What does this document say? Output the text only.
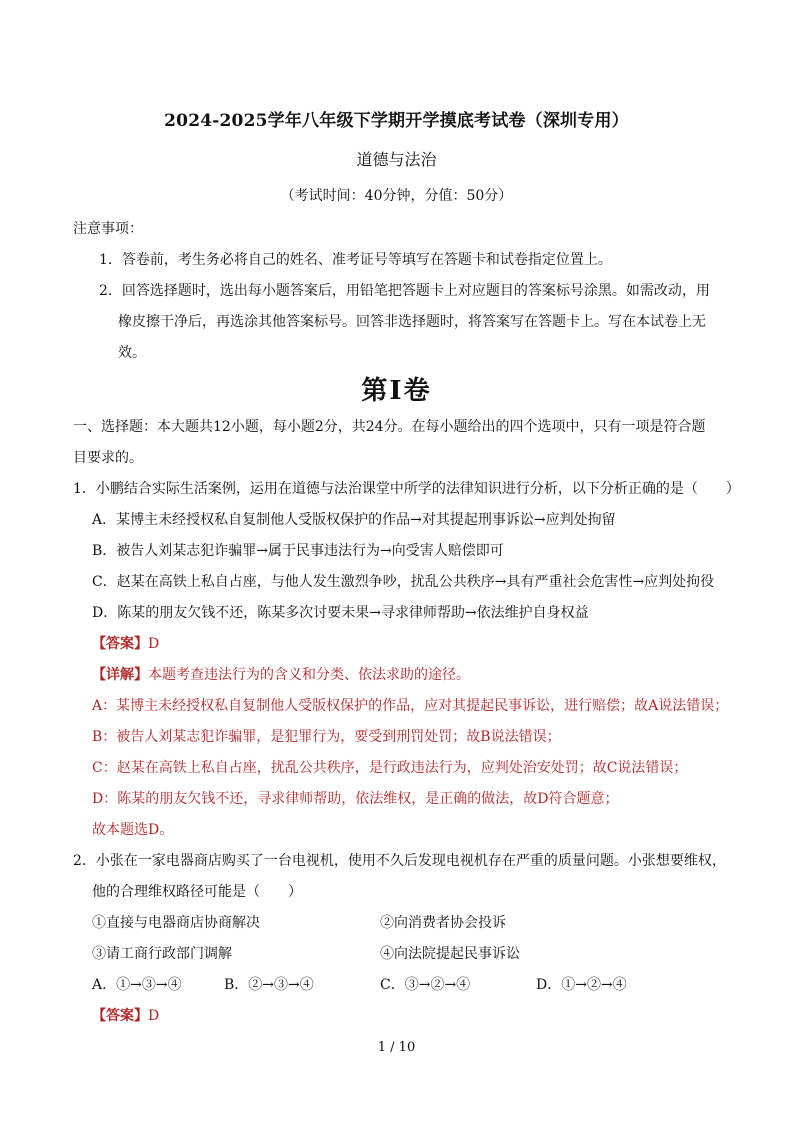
2024-2025学年八年级下学期开学摸底考试卷（深圳专用）
道德与法治
（考试时间：40分钟，分值：50分）
注意事项：
1．答卷前，考生务必将自己的姓名、准考证号等填写在答题卡和试卷指定位置上。
2．回答选择题时，选出每小题答案后，用铅笔把答题卡上对应题目的答案标号涂黑。如需改动，用
橡皮擦干净后，再选涂其他答案标号。回答非选择题时，将答案写在答题卡上。写在本试卷上无
效。
第Ⅰ卷
一、选择题：本大题共12小题，每小题2分，共24分。在每小题给出的四个选项中，只有一项是符合题
目要求的。
1．小鹏结合实际生活案例，运用在道德与法治课堂中所学的法律知识进行分析，以下分析正确的是（　　）
A．某博主未经授权私自复制他人受版权保护的作品→对其提起刑事诉讼→应判处拘留
B．被告人刘某志犯诈骗罪→属于民事违法行为→向受害人赔偿即可
C．赵某在高铁上私自占座，与他人发生激烈争吵，扰乱公共秩序→具有严重社会危害性→应判处拘役
D．陈某的朋友欠钱不还，陈某多次讨要未果→寻求律师帮助→依法维护自身权益
【答案】D
【详解】本题考查违法行为的含义和分类、依法求助的途径。
A：某博主未经授权私自复制他人受版权保护的作品，应对其提起民事诉讼，进行赔偿；故A说法错误；
B：被告人刘某志犯诈骗罪，是犯罪行为，要受到刑罚处罚；故B说法错误；
C：赵某在高铁上私自占座，扰乱公共秩序，是行政违法行为，应判处治安处罚；故C说法错误；
D：陈某的朋友欠钱不还，寻求律师帮助，依法维权，是正确的做法，故D符合题意；
故本题选D。
2．小张在一家电器商店购买了一台电视机，使用不久后发现电视机存在严重的质量问题。小张想要维权，
他的合理维权路径可能是（　　）
①直接与电器商店协商解决	②向消费者协会投诉
③请工商行政部门调解	④向法院提起民事诉讼
A．①→③→④	B．②→③→④	C．③→②→④	D．①→②→④
【答案】D
1 / 10
